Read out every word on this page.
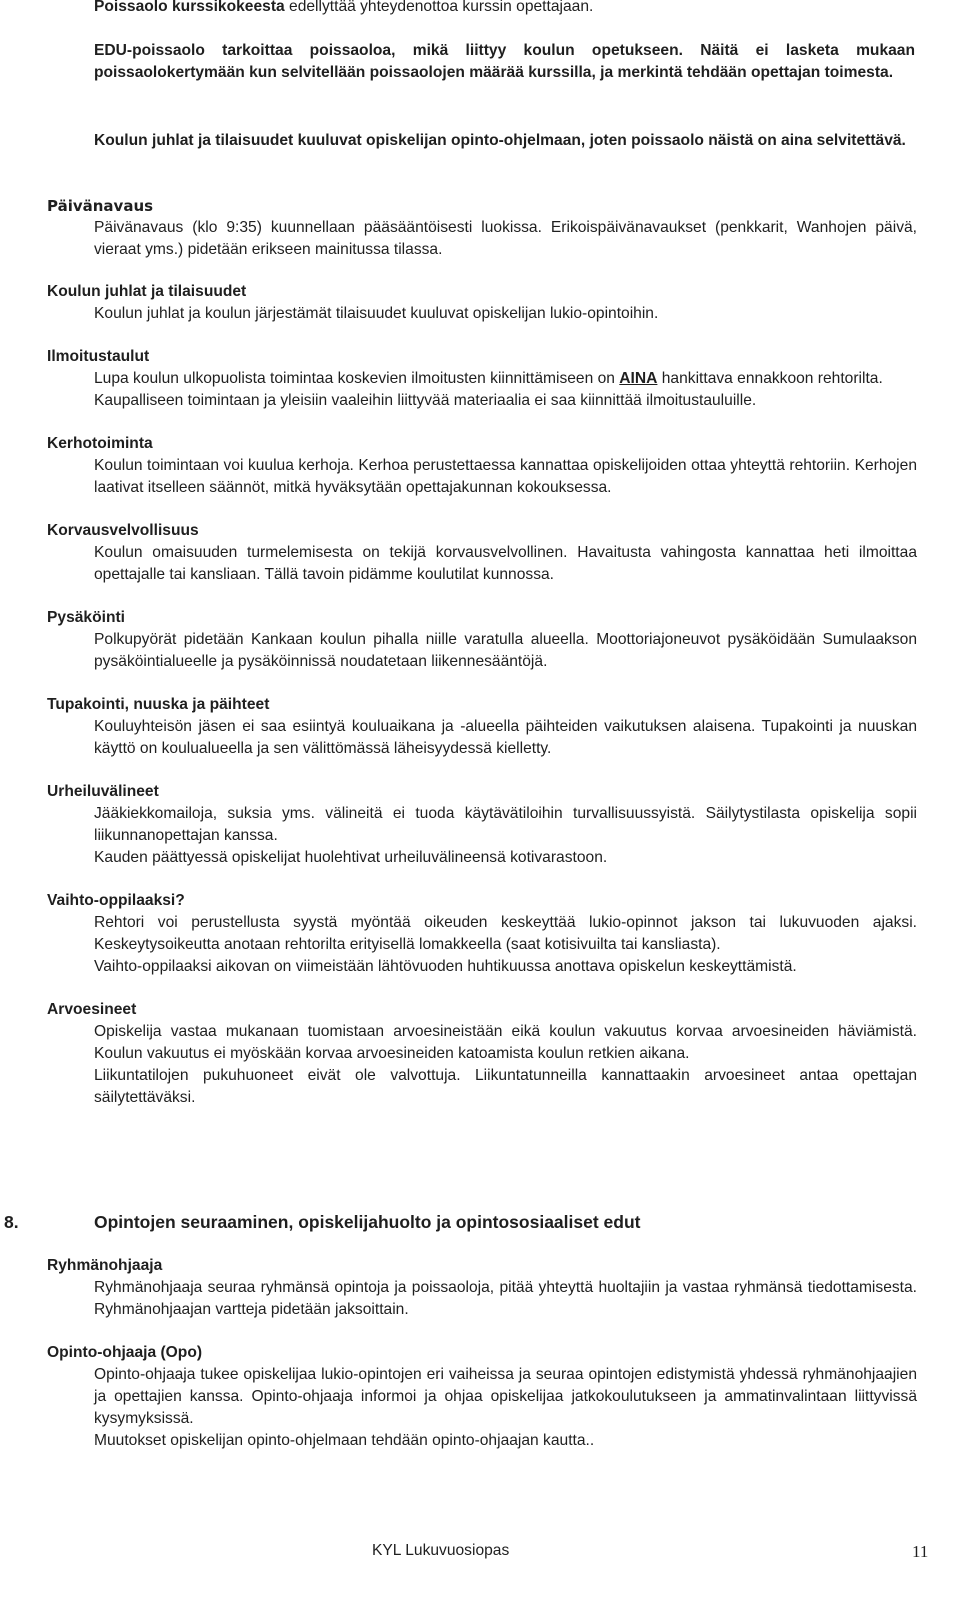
Poissaolo kurssikokeesta edellyttää yhteydenottoa kurssin opettajaan.
EDU-poissaolo tarkoittaa poissaoloa, mikä liittyy koulun opetukseen. Näitä ei lasketa mukaan poissaolokertymään kun selvitellään poissaolojen määrää kurssilla, ja merkintä tehdään opettajan toimesta.
Koulun juhlat ja tilaisuudet kuuluvat opiskelijan opinto-ohjelmaan, joten poissaolo näistä on aina selvitettävä.
Päivänavaus

Päivänavaus (klo 9:35) kuunnellaan pääsääntöisesti luokissa. Erikoispäivänavaukset (penkkarit, Wanhojen päivä, vieraat yms.) pidetään erikseen mainitussa tilassa.

Koulun juhlat ja tilaisuudet

Koulun juhlat ja koulun järjestämät tilaisuudet kuuluvat opiskelijan lukio-opintoihin.

Ilmoitustaulut

Lupa koulun ulkopuolista toimintaa koskevien ilmoitusten kiinnittämiseen on AINA hankittava ennakkoon rehtorilta.

Kaupalliseen toimintaan ja yleisiin vaaleihin liittyvää materiaalia ei saa kiinnittää ilmoitustauluille.

Kerhotoiminta

Koulun toimintaan voi kuulua kerhoja. Kerhoa perustettaessa kannattaa opiskelijoiden ottaa yhteyttä rehtoriin. Kerhojen laativat itselleen säännöt, mitkä hyväksytään opettajakunnan kokouksessa.

Korvausvelvollisuus

Koulun omaisuuden turmelemisesta on tekijä korvausvelvollinen. Havaitusta vahingosta kannattaa heti ilmoittaa opettajalle tai kansliaan. Tällä tavoin pidämme koulutilat kunnossa.

Pysäköinti

Polkupyörät pidetään Kankaan koulun pihalla niille varatulla alueella. Moottoriajoneuvot pysäköidään Sumulaakson pysäköintialueelle ja pysäköinnissä noudatetaan liikennesääntöjä.

Tupakointi, nuuska ja päihteet

Kouluyhteisön jäsen ei saa esiintyä kouluaikana ja -alueella päihteiden vaikutuksen alaisena. Tupakointi ja nuuskan käyttö on koulualueella ja sen välittömässä läheisyydessä kielletty.

Urheiluvälineet

Jääkiekkomailoja, suksia yms. välineitä ei tuoda käytävätiloihin turvallisuussyistä. Säilytystilasta opiskelija sopii liikunnanopettajan kanssa.

Kauden päättyessä opiskelijat huolehtivat urheiluvälineensä kotivarastoon.

Vaihto-oppilaaksi?

Rehtori voi perustellusta syystä myöntää oikeuden keskeyttää lukio-opinnot jakson tai lukuvuoden ajaksi. Keskeytysoikeutta anotaan rehtorilta erityisellä lomakkeella (saat kotisivuilta tai kansliasta).

Vaihto-oppilaaksi aikovan on viimeistään lähtövuoden huhtikuussa anottava opiskelun keskeyttämistä.

Arvoesineet

Opiskelija vastaa mukanaan tuomistaan arvoesineistään eikä koulun vakuutus korvaa arvoesineiden häviämistä. Koulun vakuutus ei myöskään korvaa arvoesineiden katoamista koulun retkien aikana.

Liikuntatilojen pukuhuoneet eivät ole valvottuja. Liikuntatunneilla kannattaakin arvoesineet antaa opettajan säilytettäväksi.

8.	Opintojen seuraaminen, opiskelijahuolto ja opintososiaaliset edut
Ryhmänohjaaja

Ryhmänohjaaja seuraa ryhmänsä opintoja ja poissaoloja, pitää yhteyttä huoltajiin ja vastaa ryhmänsä tiedottamisesta. Ryhmänohjaajan vartteja pidetään jaksoittain.

Opinto-ohjaaja (Opo)

Opinto-ohjaaja tukee opiskelijaa lukio-opintojen eri vaiheissa ja seuraa opintojen edistymistä yhdessä ryhmänohjaajien ja opettajien kanssa. Opinto-ohjaaja informoi ja ohjaa opiskelijaa jatkokoulutukseen ja ammatinvalintaan liittyvissä kysymyksissä.

Muutokset opiskelijan opinto-ohjelmaan tehdään opinto-ohjaajan kautta..

KYL Lukuvuosiopas	11
